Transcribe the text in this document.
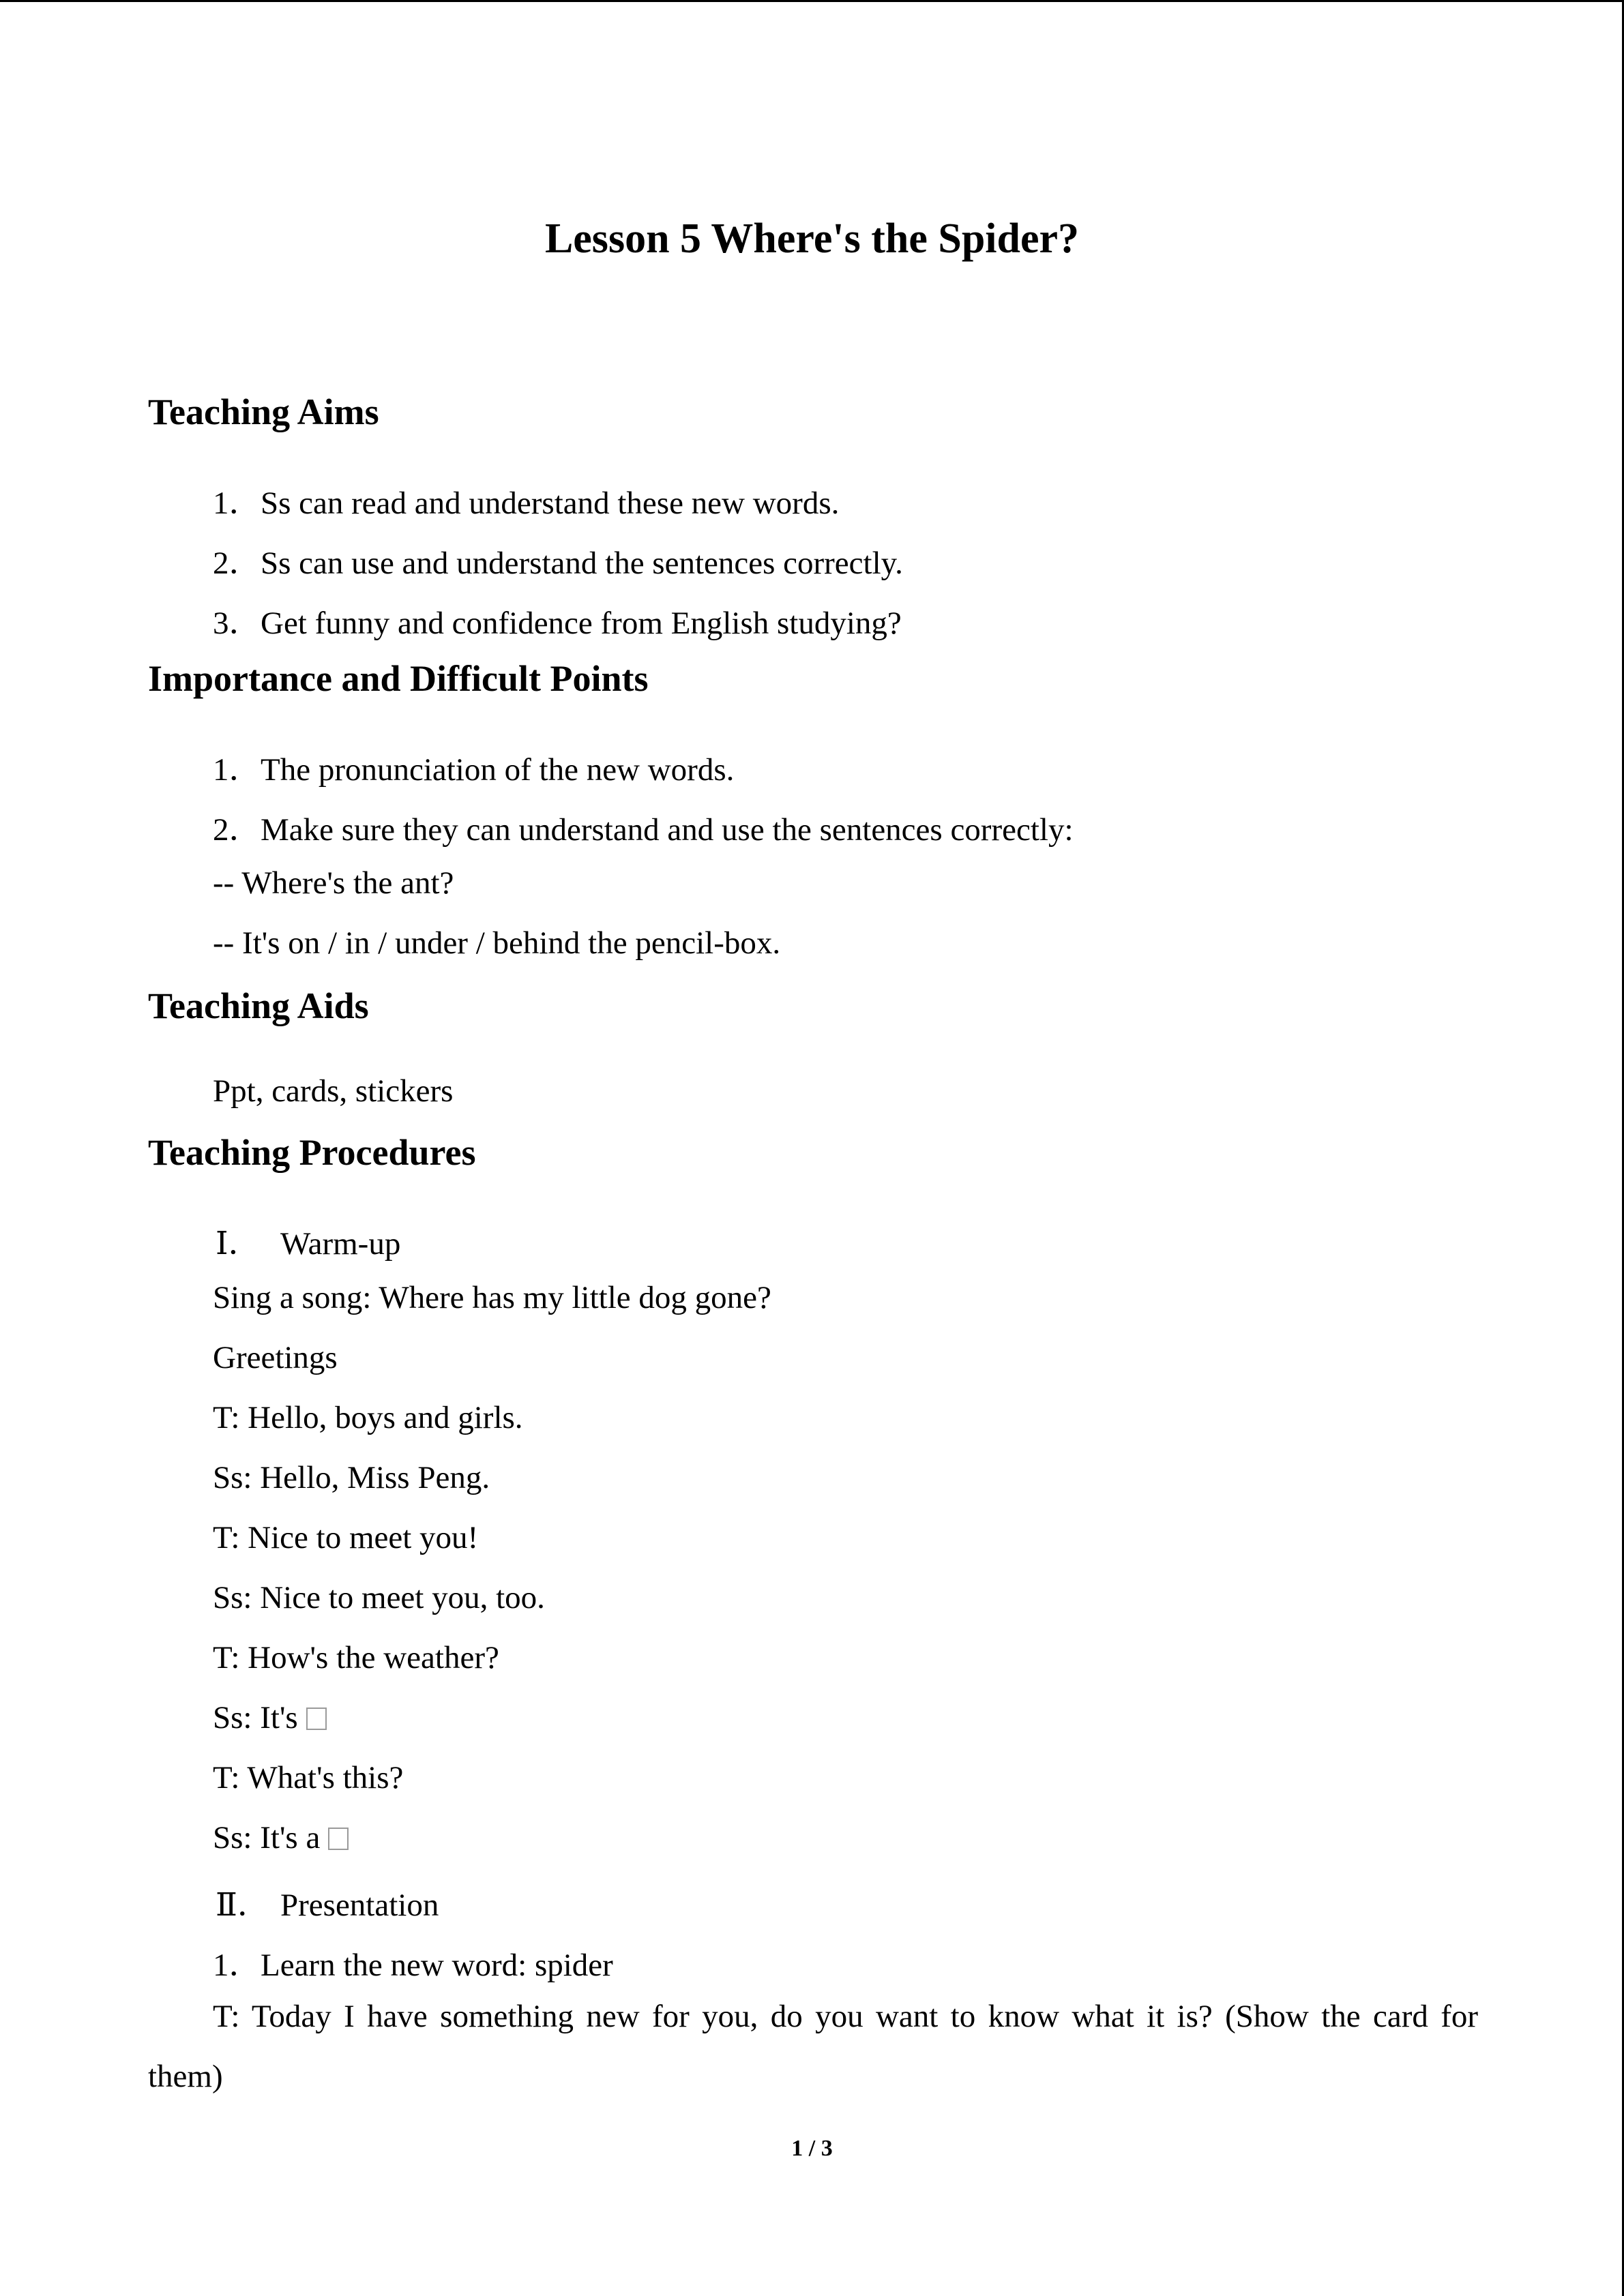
Lesson 5 Where's the Spider?
Teaching Aims
1．Ss can read and understand these new words.
2．Ss can use and understand the sentences correctly.
3．Get funny and confidence from English studying?
Importance and Difficult Points
1．The pronunciation of the new words.
2．Make sure they can understand and use the sentences correctly:
-- Where's the ant?
-- It's on / in / under / behind the pencil-box.
Teaching Aids
Ppt, cards, stickers
Teaching Procedures
Ⅰ． Warm-up
Sing a song: Where has my little dog gone?
Greetings
T: Hello, boys and girls.
Ss: Hello, Miss Peng.
T: Nice to meet you!
Ss: Nice to meet you, too.
T: How's the weather?
Ss: It's
T: What's this?
Ss: It's a
Ⅱ． Presentation
1．Learn the new word: spider
T: Today I have something new for you, do you want to know what it is? (Show the card for
them)
1 / 3
